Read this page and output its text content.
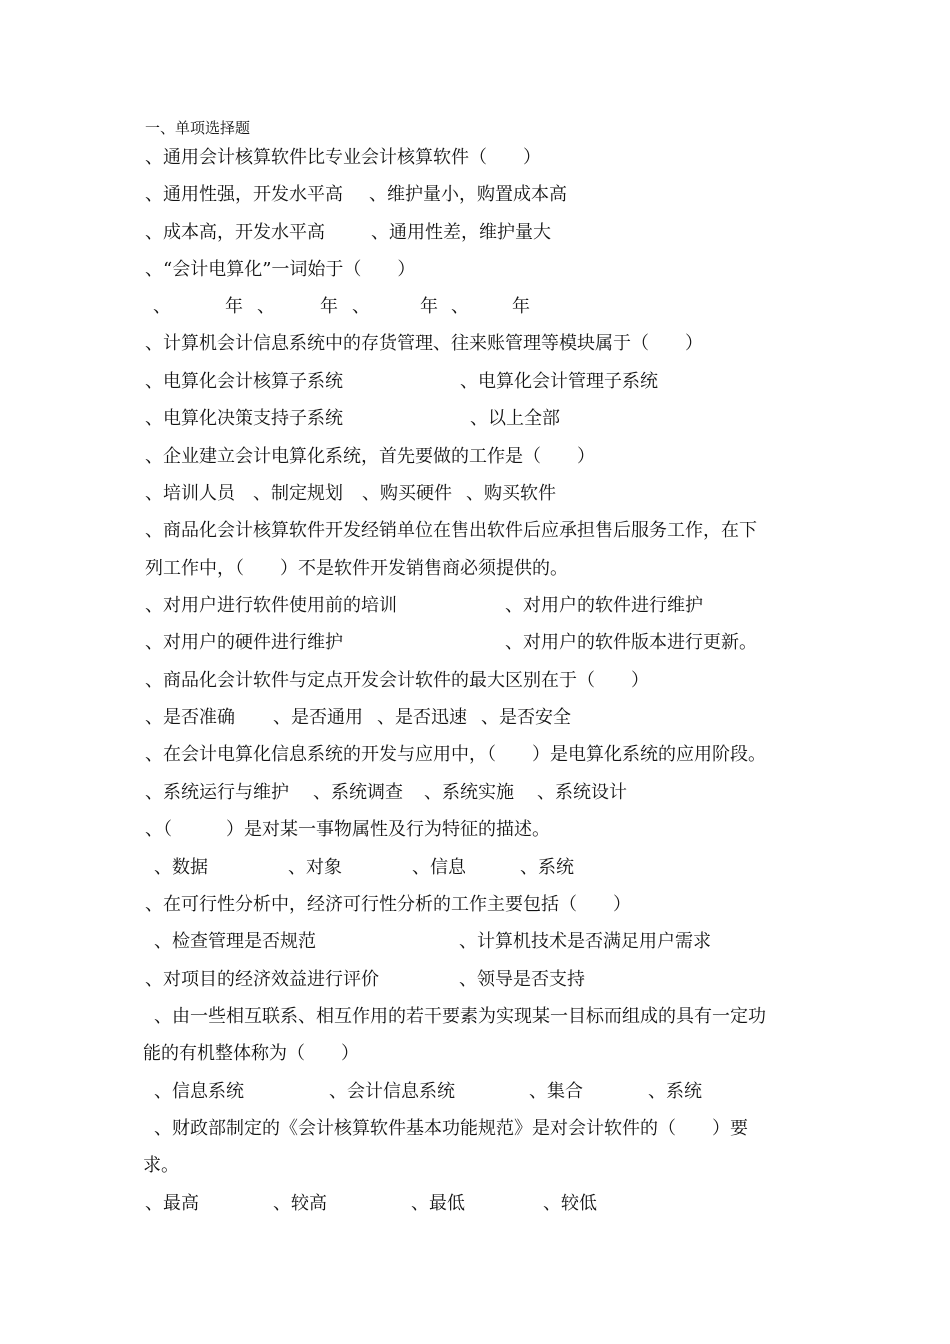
一、单项选择题
、通用会计核算软件比专业会计核算软件（　　）
、通用性强，开发水平高 、维护量小，购置成本高
、成本高，开发水平高	、通用性差，维护量大
、“会计电算化”一词始于（　　）
、	年 、	年 、	年 、 年
、计算机会计信息系统中的存货管理、往来账管理等模块属于（　　）
、电算化会计核算子系统	、电算化会计管理子系统
、电算化决策支持子系统	、以上全部
、企业建立会计电算化系统，首先要做的工作是（　　）
、培训人员 、制定规划 、购买硬件 、购买软件
、商品化会计核算软件开发经销单位在售出软件后应承担售后服务工作，在下
列工作中，（　　）不是软件开发销售商必须提供的。
、对用户进行软件使用前的培训	、对用户的软件进行维护
、对用户的硬件进行维护	、对用户的软件版本进行更新。
、商品化会计软件与定点开发会计软件的最大区别在于（　　）
、是否准确 、是否通用 、是否迅速 、是否安全
、在会计电算化信息系统的开发与应用中，（　　）是电算化系统的应用阶段。
、系统运行与维护 、系统调查 、系统实施 、系统设计
、（　　　）是对某一事物属性及行为特征的描述。
、数据	、对象	、信息	、系统
、在可行性分析中，经济可行性分析的工作主要包括（　　）
、检查管理是否规范	、计算机技术是否满足用户需求
、对项目的经济效益进行评价	、领导是否支持
、由一些相互联系、相互作用的若干要素为实现某一目标而组成的具有一定功
能的有机整体称为（　　）
、信息系统	、会计信息系统	、集合	、系统
、财政部制定的《会计核算软件基本功能规范》是对会计软件的（　　）要
求。
、最高	、较高	、最低	、较低
